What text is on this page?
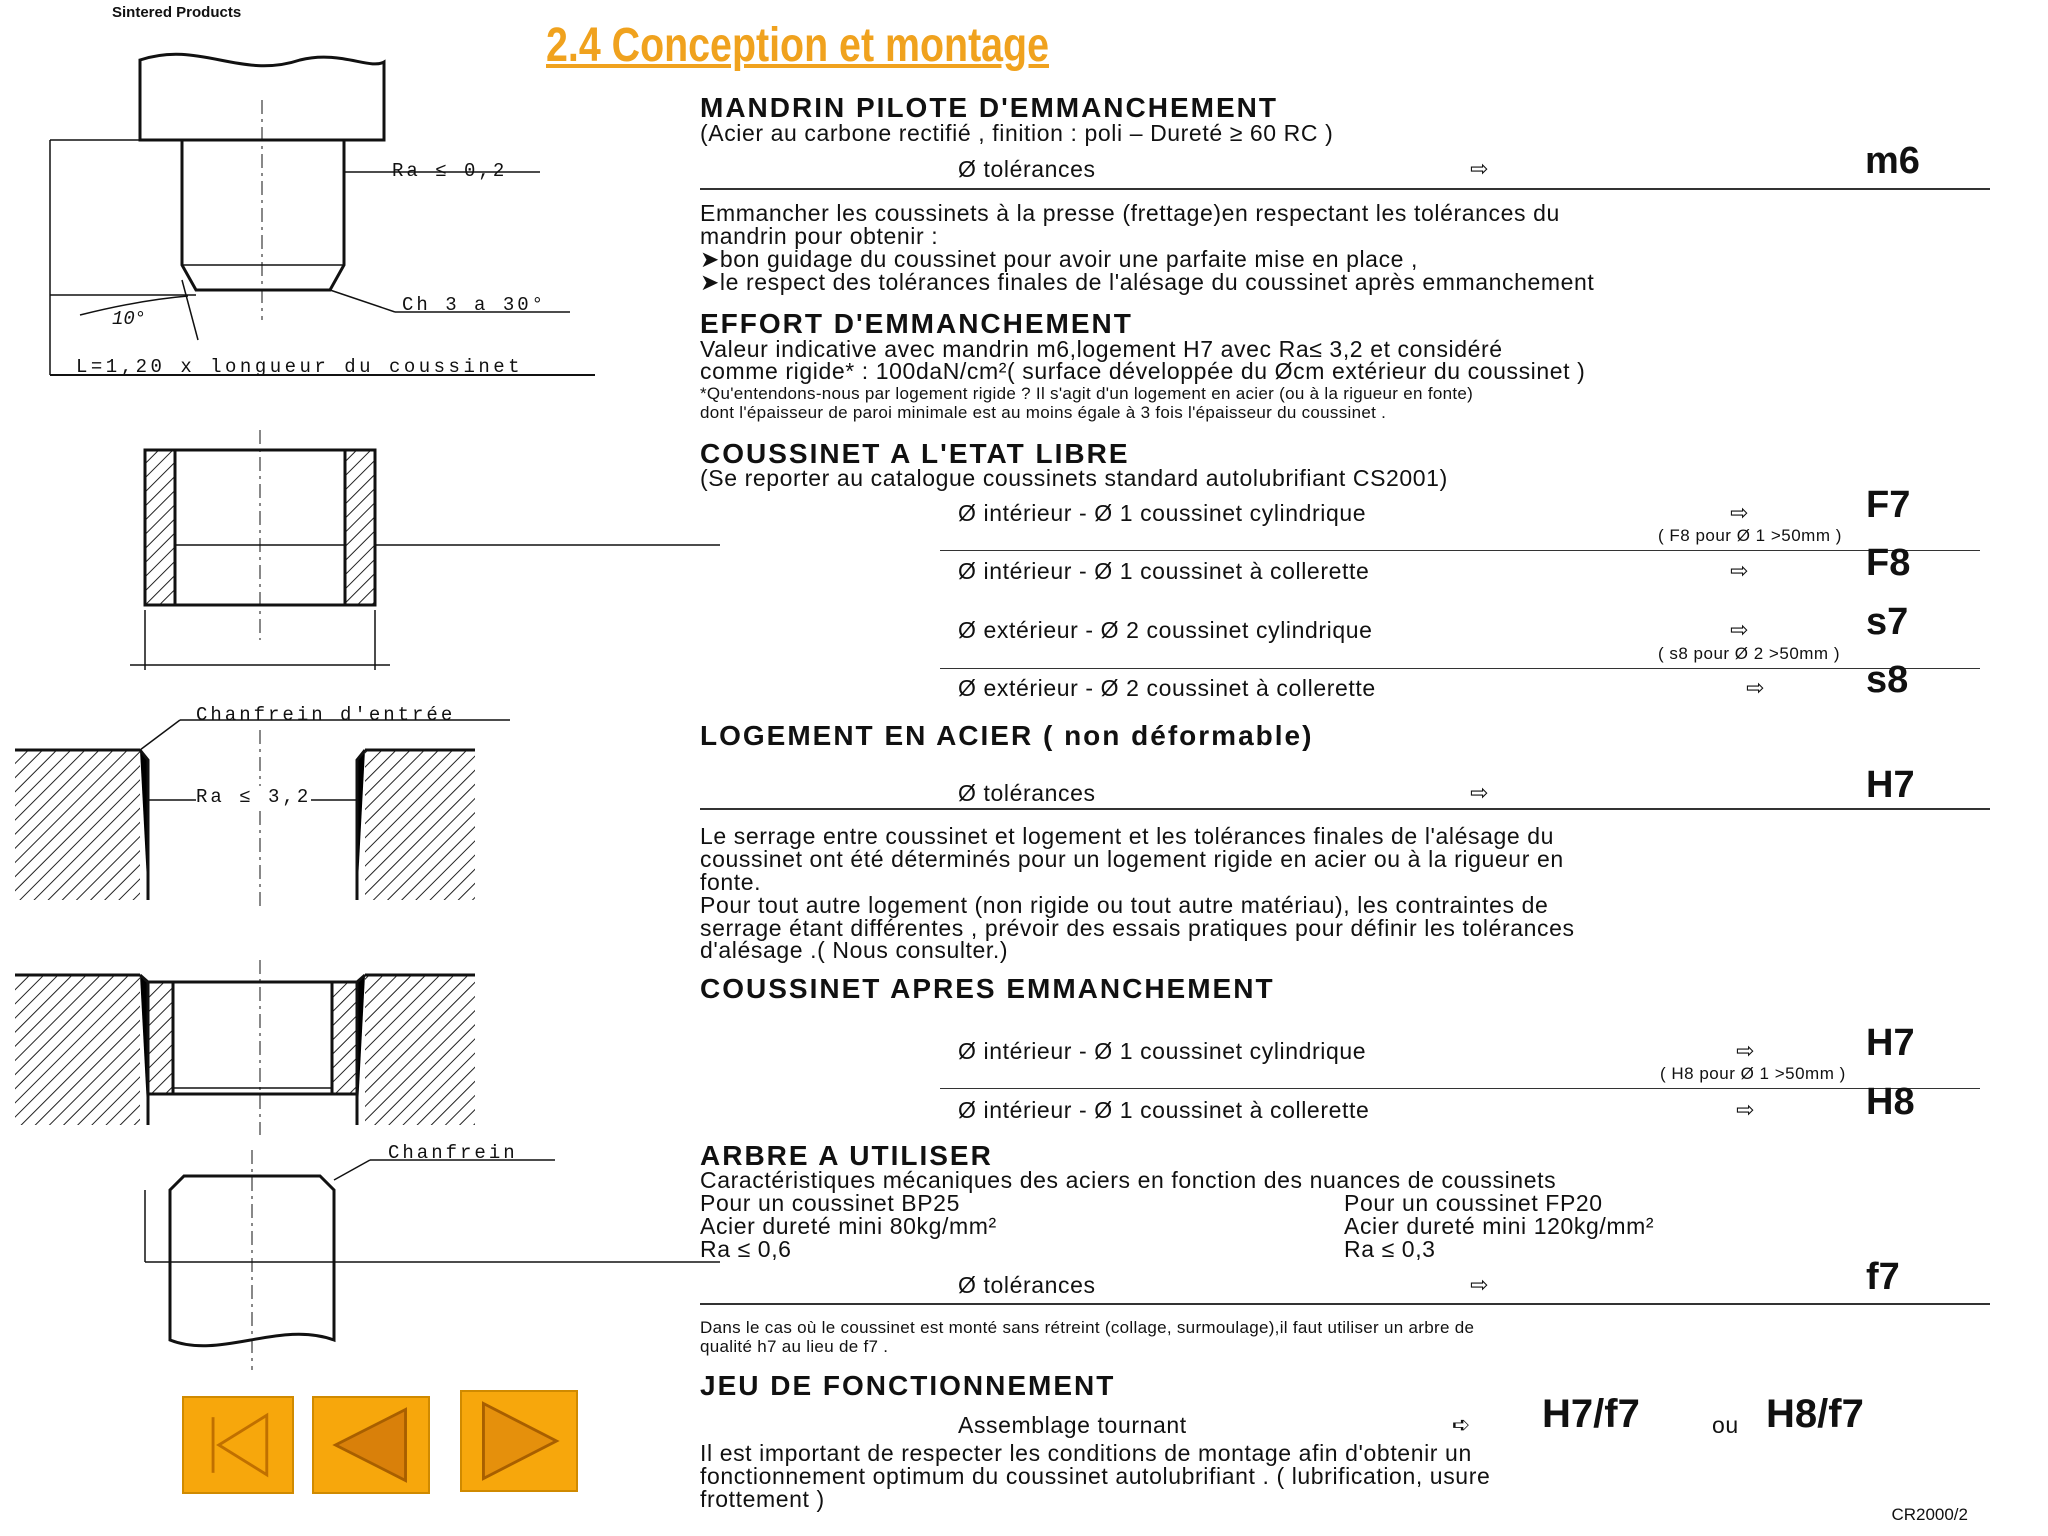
Sintered Products
Ra ≤ 0,2
Ch 3 a 30°
10°
L=1,20 x longueur du coussinet
Chanfrein d'entrée
Ra ≤ 3,2
Chanfrein
2.4 Conception et montage
MANDRIN PILOTE D'EMMANCHEMENT
(Acier au carbone rectifié , finition : poli – Dureté ≥ 60 RC )
Ø tolérances	⇨	m6
Emmancher les coussinets à la presse (frettage)en respectant les tolérances du
mandrin pour obtenir :
➤bon guidage du coussinet pour avoir une parfaite mise en place ,
➤le respect des tolérances finales de l'alésage du coussinet après emmanchement
EFFORT D'EMMANCHEMENT
Valeur indicative avec mandrin m6,logement H7 avec Ra≤ 3,2 et considéré
comme rigide* : 100daN/cm²( surface développée du Øcm extérieur du coussinet )
*Qu'entendons-nous par logement rigide ? Il s'agit d'un logement en acier (ou à la rigueur en fonte)
dont l'épaisseur de paroi minimale est au moins égale à 3 fois l'épaisseur du coussinet .
COUSSINET A L'ETAT LIBRE
(Se reporter au catalogue coussinets standard autolubrifiant CS2001)
Ø intérieur - Ø 1 coussinet cylindrique	⇨	F7
( F8 pour Ø 1 >50mm )
Ø intérieur - Ø 1 coussinet à collerette	⇨	F8
Ø extérieur - Ø 2 coussinet cylindrique	⇨	s7
( s8 pour Ø 2 >50mm )
Ø extérieur - Ø 2 coussinet à collerette	⇨	s8
LOGEMENT EN ACIER ( non déformable)
Ø tolérances	⇨	H7
Le serrage entre coussinet et logement et les tolérances finales de l'alésage du
coussinet ont été déterminés pour un logement rigide en acier ou à la rigueur en
fonte.
Pour tout autre logement (non rigide ou tout autre matériau), les contraintes de
serrage étant différentes , prévoir des essais pratiques pour définir les tolérances
d'alésage .( Nous consulter.)
COUSSINET APRES EMMANCHEMENT
Ø intérieur - Ø 1 coussinet cylindrique	⇨	H7
( H8 pour Ø 1 >50mm )
Ø intérieur - Ø 1 coussinet à collerette	⇨	H8
ARBRE A UTILISER
Caractéristiques mécaniques des aciers en fonction des nuances de coussinets
Pour un coussinet BP25
Acier dureté mini 80kg/mm²
Ra ≤ 0,6
Pour un coussinet FP20
Acier dureté mini 120kg/mm²
Ra ≤ 0,3
Ø tolérances	⇨	f7
Dans le cas où le coussinet est monté sans rétreint (collage, surmoulage),il faut utiliser un arbre de
qualité h7 au lieu de f7 .
JEU DE FONCTIONNEMENT
Assemblage tournant	➪ H7/f7	ou H8/f7
Il est important de respecter les conditions de montage afin d'obtenir un
fonctionnement optimum du coussinet autolubrifiant . ( lubrification, usure
frottement )
CR2000/2
